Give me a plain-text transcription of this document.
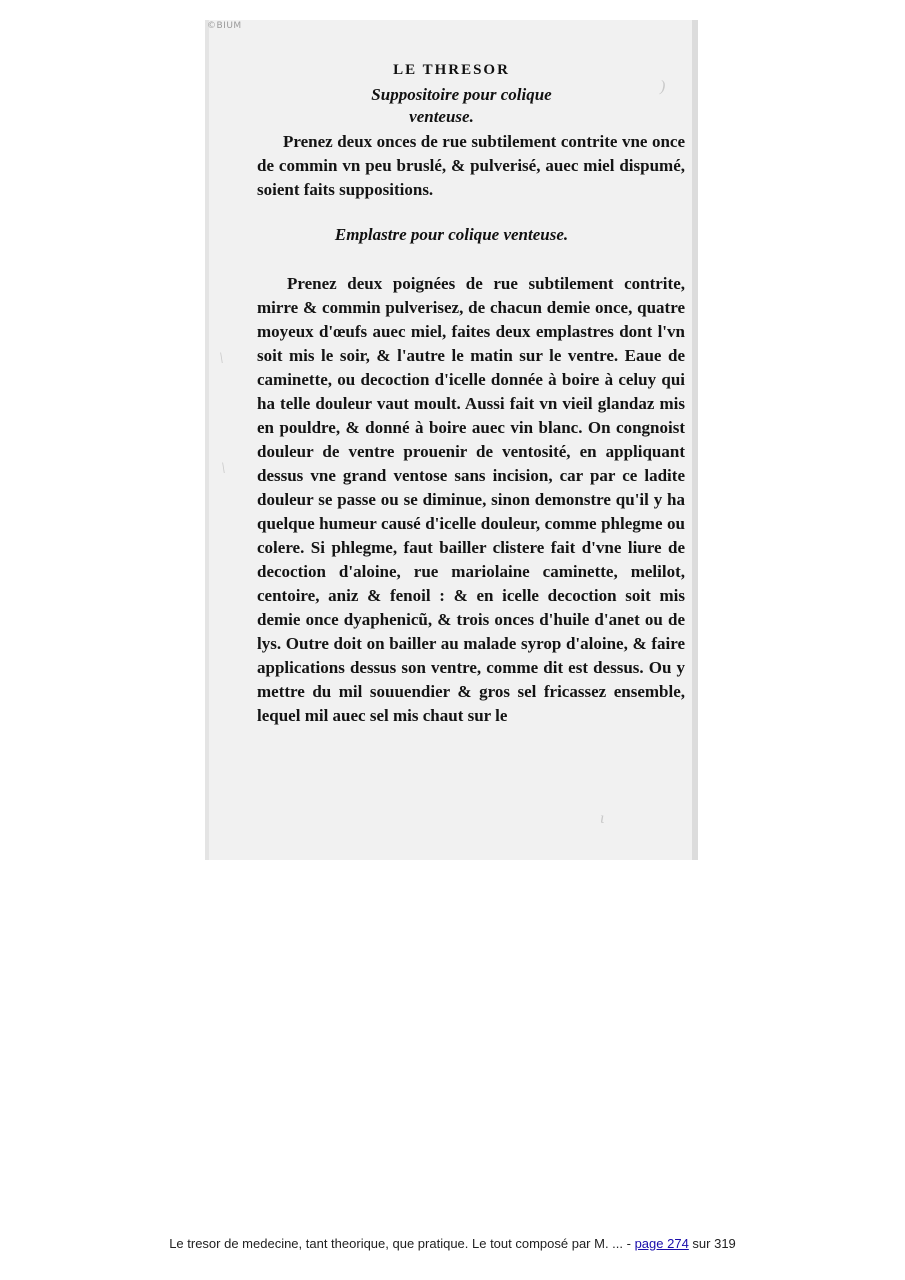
©BIUM
LE THRESOR
Suppositoire pour colique
venteuse.
Prenez deux onces de rue subtilement contrite vne once de commin vn peu bruslé, & pulverisé, auec miel dispumé, soient faits suppositions.
Emplastre pour colique venteuse.
Prenez deux poignées de rue subtilement contrite, mirre & commin pulverisez, de chacun demie once, quatre moyeux d'œufs auec miel, faites deux emplastres dont l'vn soit mis le soir, & l'autre le matin sur le ventre. Eaue de caminette, ou decoction d'icelle donnée à boire à celuy qui ha telle douleur vaut moult. Aussi fait vn vieil glandaz mis en pouldre, & donné à boire auec vin blanc. On congnoist douleur de ventre prouenir de ventosité, en appliquant dessus vne grand ventose sans incision, car par ce ladite douleur se passe ou se diminue, sinon demonstre qu'il y ha quelque humeur causé d'icelle douleur, comme phlegme ou colere. Si phlegme, faut bailler clistere fait d'vne liure de decoction d'aloine, rue mariolaine caminette, melilot, centoire, aniz & fenoil : & en icelle decoction soit mis demie once dyaphenicũ, & trois onces d'huile d'anet ou de lys. Outre doit on bailler au malade syrop d'aloine, & faire applications dessus son ventre, comme dit est dessus. Ou y mettre du mil souuendier & gros sel fricassez ensemble, lequel mil auec sel mis chaut sur le
)
\
\
ɩ
Le tresor de medecine, tant theorique, que pratique. Le tout composé par M. ... - page 274 sur 319
